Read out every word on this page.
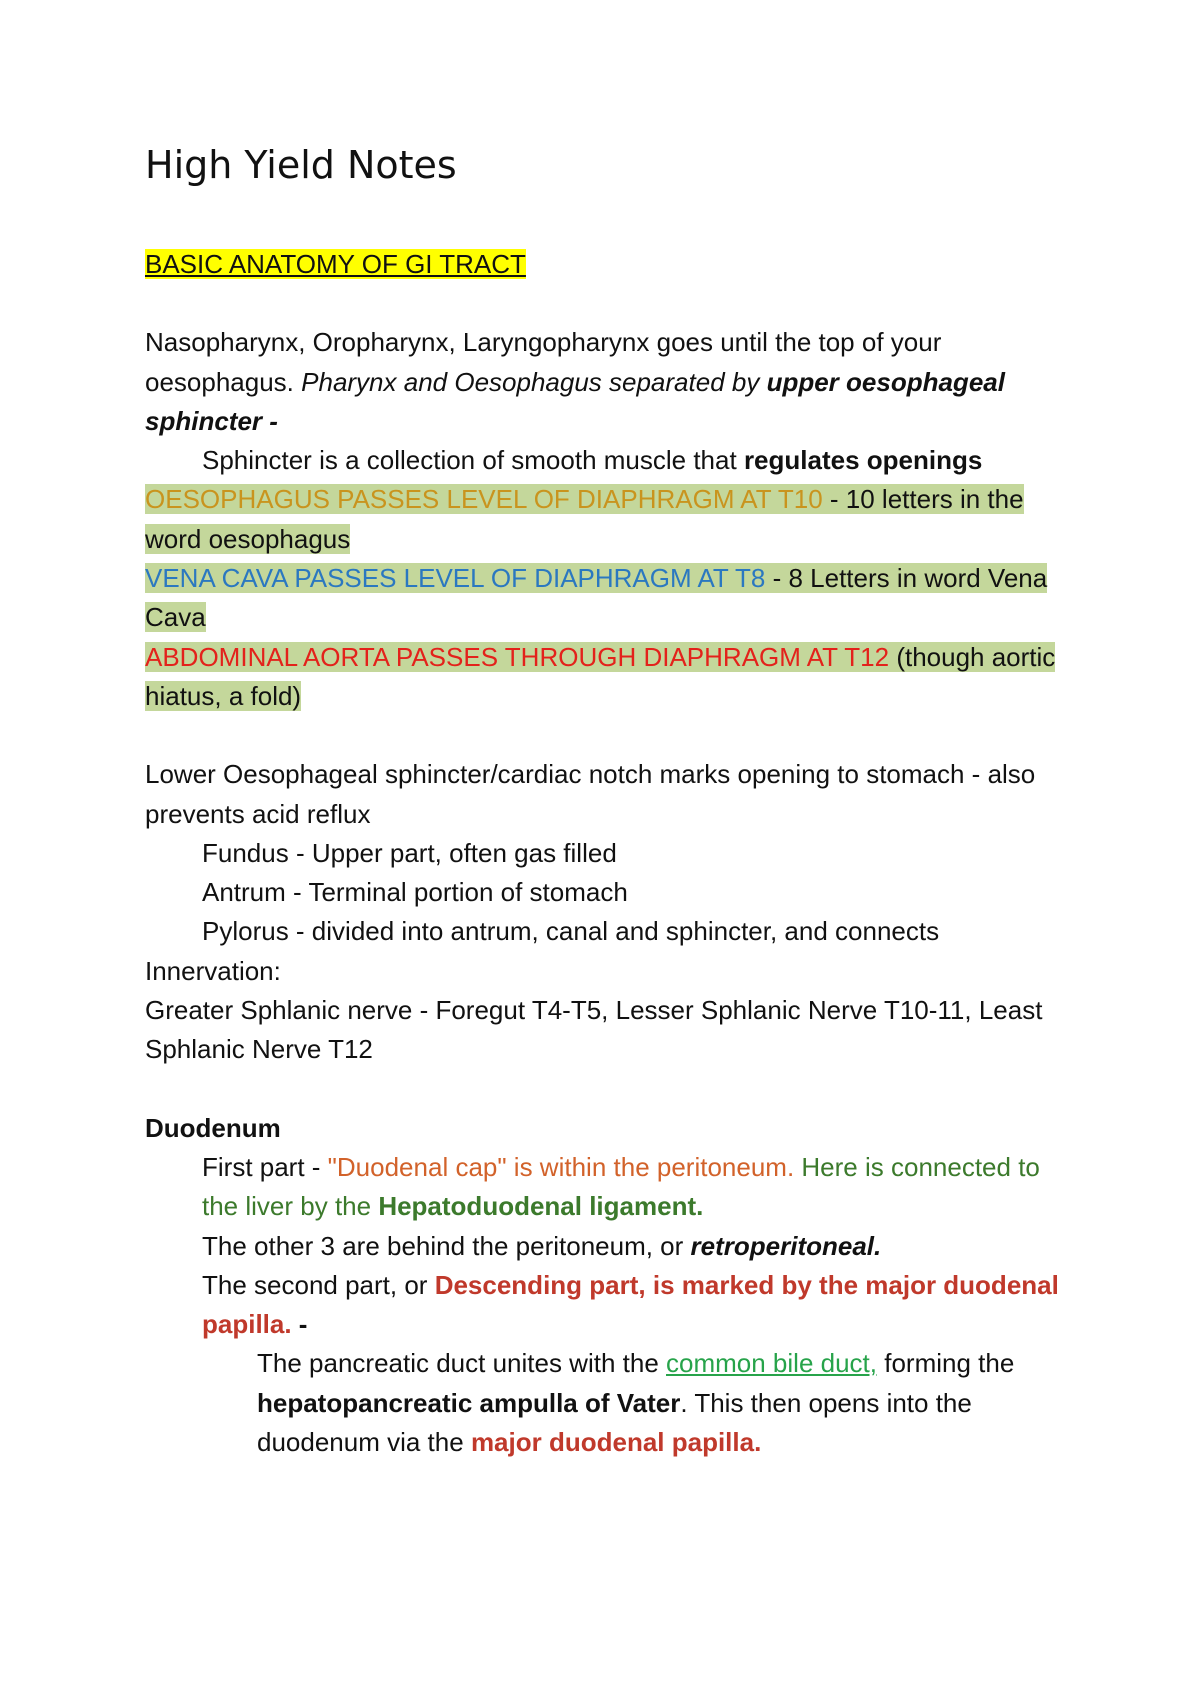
High Yield Notes

BASIC ANATOMY OF GI TRACT

Nasopharynx, Oropharynx, Laryngopharynx goes until the top of your oesophagus. Pharynx and Oesophagus separated by upper oesophageal sphincter -

Sphincter is a collection of smooth muscle that regulates openings

OESOPHAGUS PASSES LEVEL OF DIAPHRAGM AT T10 - 10 letters in the word oesophagus

VENA CAVA PASSES LEVEL OF DIAPHRAGM AT T8 - 8 Letters in word Vena Cava

ABDOMINAL AORTA PASSES THROUGH DIAPHRAGM AT T12 (though aortic hiatus, a fold)

Lower Oesophageal sphincter/cardiac notch marks opening to stomach - also prevents acid reflux

Fundus - Upper part, often gas filled

Antrum - Terminal portion of stomach

Pylorus - divided into antrum, canal and sphincter, and connects

Innervation:

Greater Sphlanic nerve - Foregut T4-T5, Lesser Sphlanic Nerve T10-11, Least Sphlanic Nerve T12

Duodenum

First part - "Duodenal cap" is within the peritoneum. Here is connected to the liver by the Hepatoduodenal ligament.

The other 3 are behind the peritoneum, or retroperitoneal.

The second part, or Descending part, is marked by the major duodenal papilla. -

The pancreatic duct unites with the common bile duct, forming the hepatopancreatic ampulla of Vater. This then opens into the duodenum via the major duodenal papilla.
